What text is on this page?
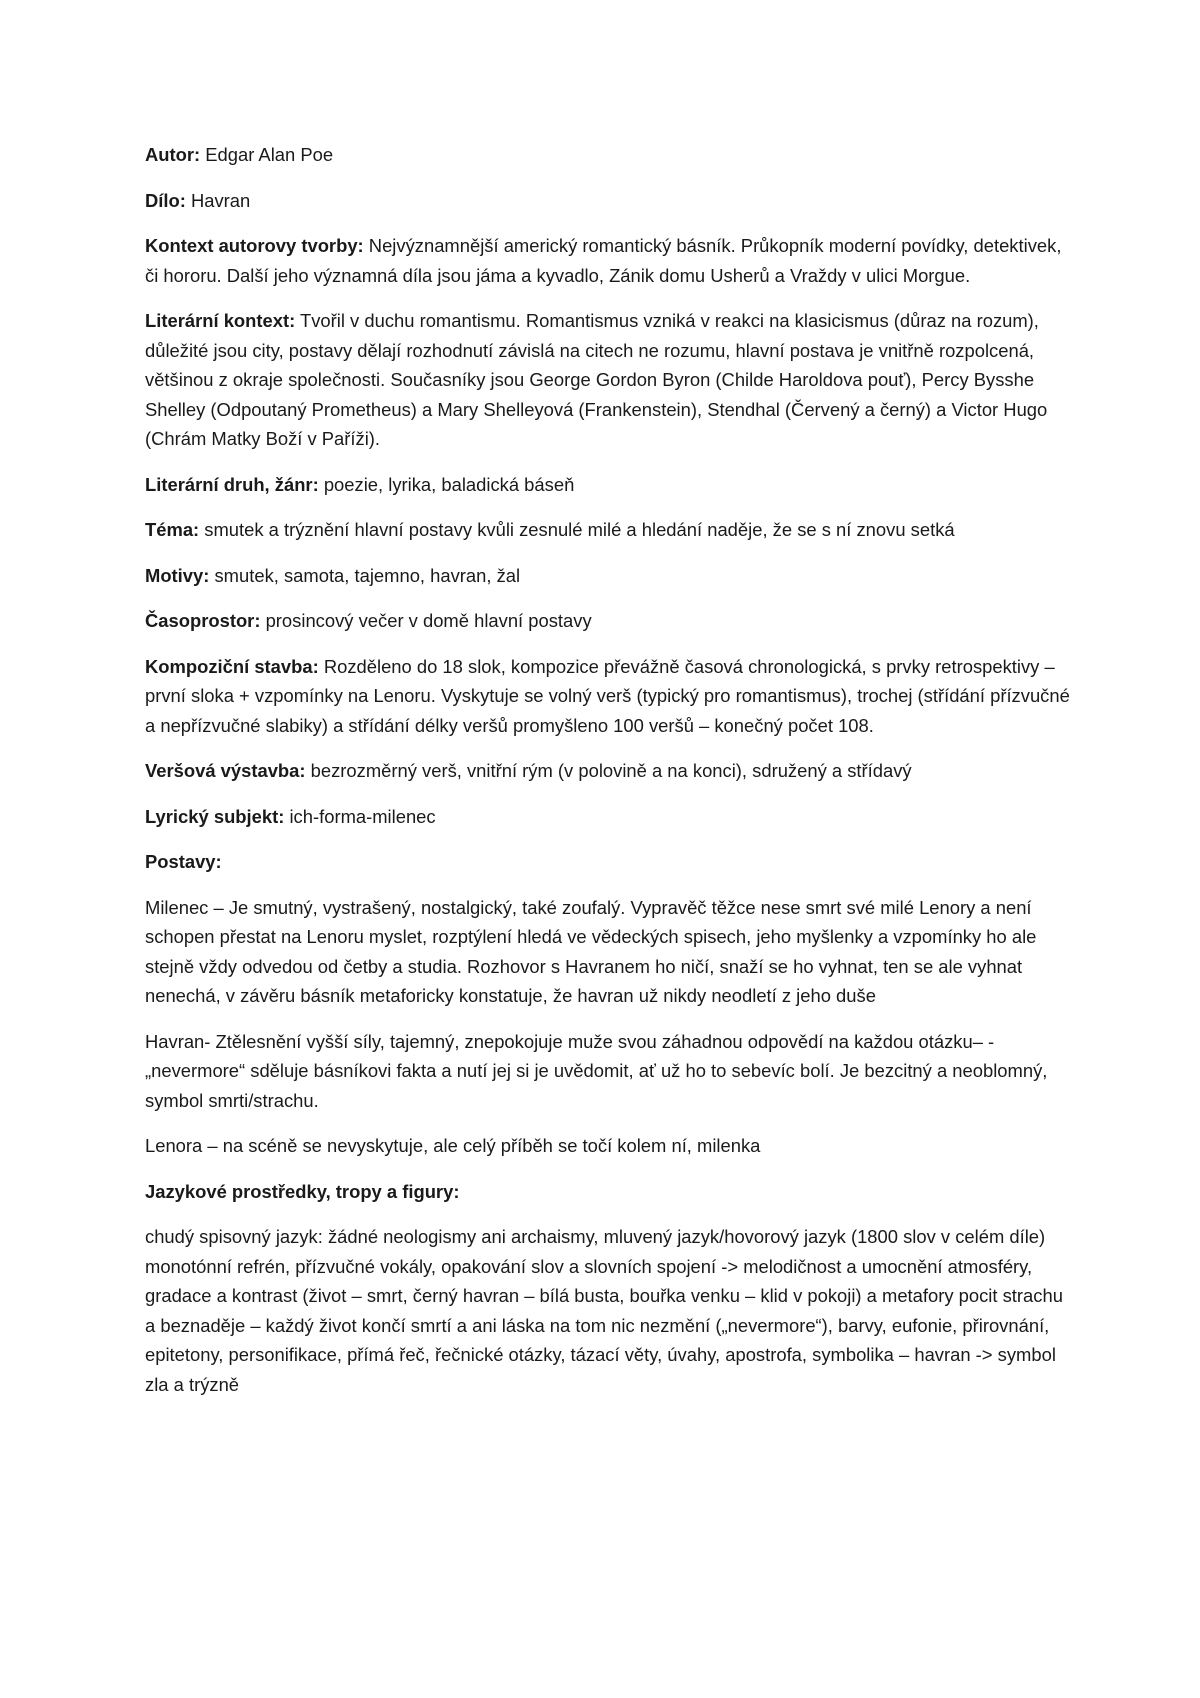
Autor: Edgar Alan Poe

Dílo: Havran

Kontext autorovy tvorby: Nejvýznamnější americký romantický básník. Průkopník moderní povídky, detektivek, či hororu. Další jeho významná díla jsou jáma a kyvadlo, Zánik domu Usherů a Vraždy v ulici Morgue.

Literární kontext: Tvořil v duchu romantismu. Romantismus vzniká v reakci na klasicismus (důraz na rozum), důležité jsou city, postavy dělají rozhodnutí závislá na citech ne rozumu, hlavní postava je vnitřně rozpolcená, většinou z okraje společnosti. Současníky jsou George Gordon Byron (Childe Haroldova pouť), Percy Bysshe Shelley (Odpoutaný Prometheus) a Mary Shelleyová (Frankenstein), Stendhal (Červený a černý) a Victor Hugo (Chrám Matky Boží v Paříži).

Literární druh, žánr: poezie, lyrika, baladická báseň

Téma: smutek a trýznění hlavní postavy kvůli zesnulé milé a hledání naděje, že se s ní znovu setká

Motivy: smutek, samota, tajemno, havran, žal

Časoprostor: prosincový večer v domě hlavní postavy

Kompoziční stavba: Rozděleno do 18 slok, kompozice převážně časová chronologická, s prvky retrospektivy – první sloka + vzpomínky na Lenoru. Vyskytuje se volný verš (typický pro romantismus), trochej (střídání přízvučné a nepřízvučné slabiky) a střídání délky veršů promyšleno 100 veršů – konečný počet 108.

Veršová výstavba: bezrozměrný verš, vnitřní rým (v polovině a na konci), sdružený a střídavý

Lyrický subjekt: ich-forma-milenec

Postavy:

Milenec – Je smutný, vystrašený, nostalgický, také zoufalý. Vypravěč těžce nese smrt své milé Lenory a není schopen přestat na Lenoru myslet, rozptýlení hledá ve vědeckých spisech, jeho myšlenky a vzpomínky ho ale stejně vždy odvedou od četby a studia. Rozhovor s Havranem ho ničí, snaží se ho vyhnat, ten se ale vyhnat nenechá, v závěru básník metaforicky konstatuje, že havran už nikdy neodletí z jeho duše

Havran- Ztělesnění vyšší síly, tajemný, znepokojuje muže svou záhadnou odpovědí na každou otázku– -„nevermore“ sděluje básníkovi fakta a nutí jej si je uvědomit, ať už ho to sebevíc bolí. Je bezcitný a neoblomný, symbol smrti/strachu.

Lenora – na scéně se nevyskytuje, ale celý příběh se točí kolem ní, milenka

Jazykové prostředky, tropy a figury:

chudý spisovný jazyk: žádné neologismy ani archaismy, mluvený jazyk/hovorový jazyk (1800 slov v celém díle) monotónní refrén, přízvučné vokály, opakování slov a slovních spojení -> melodičnost a umocnění atmosféry, gradace a kontrast (život – smrt, černý havran – bílá busta, bouřka venku – klid v pokoji) a metafory pocit strachu a beznaděje – každý život končí smrtí a ani láska na tom nic nezmění („nevermore“), barvy, eufonie, přirovnání, epitetony, personifikace, přímá řeč, řečnické otázky, tázací věty, úvahy, apostrofa, symbolika – havran -> symbol zla a trýzně
